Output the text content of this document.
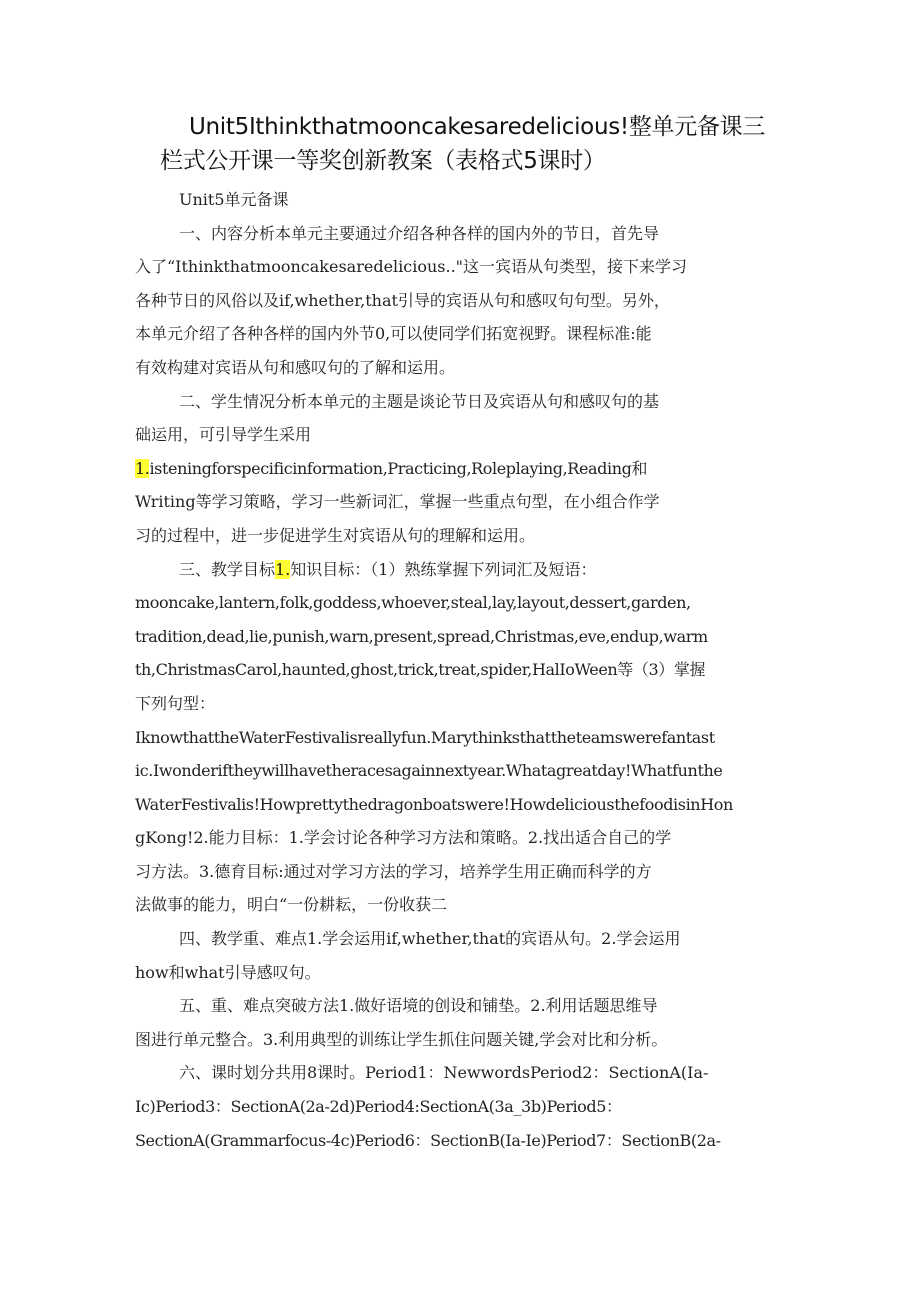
Unit5Ithinkthatmooncakesaredelicious!整单元备课三
栏式公开课一等奖创新教案（表格式5课时）

Unit5单元备课

一、内容分析本单元主要通过介绍各种各样的国内外的节日，首先导

入了“Ithinkthatmooncakesaredelicious.."这一宾语从句类型，接下来学习

各种节日的风俗以及if,whether,that引导的宾语从句和感叹句句型。另外，

本单元介绍了各种各样的国内外节0,可以使同学们拓宽视野。课程标准:能

有效构建对宾语从句和感叹句的了解和运用。

二、学生情况分析本单元的主题是谈论节日及宾语从句和感叹句的基

础运用，可引导学生采用

1.isteningforspecificinformation,Practicing,Roleplaying,Reading和

Writing等学习策略，学习一些新词汇，掌握一些重点句型，在小组合作学

习的过程中，进一步促进学生对宾语从句的理解和运用。

三、教学目标1.知识目标：（1）熟练掌握下列词汇及短语：

mooncake,lantern,folk,goddess,whoever,steal,lay,layout,dessert,garden,

tradition,dead,lie,punish,warn,present,spread,Christmas,eve,endup,warm

th,ChristmasCarol,haunted,ghost,trick,treat,spider,HalIoWeen等（3）掌握

下列句型：

IknowthattheWaterFestivalisreallyfun.Marythinksthattheteamswerefantast

ic.Iwonderiftheywillhavetheracesagainnextyear.Whatagreatday!Whatfunthe

WaterFestivalis!Howprettythedragonboatswere!HowdeliciousthefoodisinHon

gKong!2.能力目标：1.学会讨论各种学习方法和策略。2.找出适合自己的学

习方法。3.德育目标:通过对学习方法的学习，培养学生用正确而科学的方

法做事的能力，明白“一份耕耘，一份收获二

四、教学重、难点1.学会运用if,whether,that的宾语从句。2.学会运用

how和what引导感叹句。

五、重、难点突破方法1.做好语境的创设和铺垫。2.利用话题思维导

图进行单元整合。3.利用典型的训练让学生抓住问题关键,学会对比和分析。

六、课时划分共用8课时。Period1：NewwordsPeriod2：SectionA(Ia-

Ic)Period3：SectionA(2a-2d)Period4:SectionA(3a_3b)Period5：

SectionA(Grammarfocus-4c)Period6：SectionB(Ia-Ie)Period7：SectionB(2a-
